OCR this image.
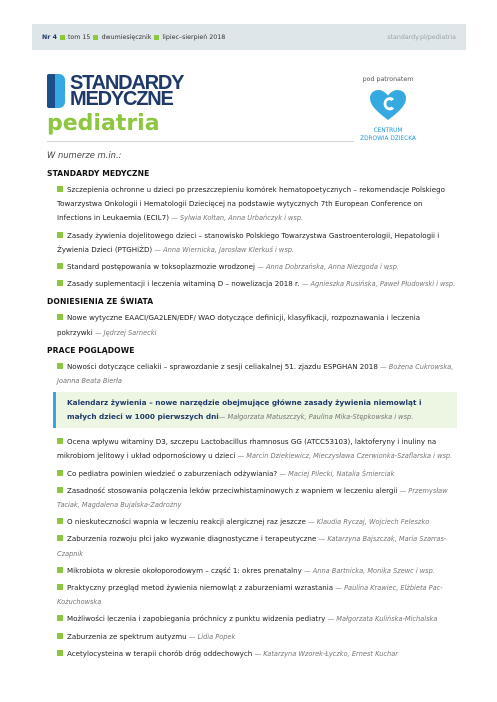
Nr 4 tom 15 dwumiesięcznik lipiec–sierpień 2018	standardy.pl/pediatria
STANDARDY
MEDYCZNE
pediatria
pod patronatem
CENTRUM
ZDROWIA DZIECKA
W numerze m.in.:
STANDARDY MEDYCZNE
Szczepienia ochronne u dzieci po przeszczepieniu komórek hematopoetycznych – rekomendacje Polskiego Towarzystwa Onkologii i Hematologii Dziecięcej na podstawie wytycznych 7th European Conference on Infections in Leukaemia (ECIL7) — Sylwia Kołtan, Anna Urbańczyk i wsp.
Zasady żywienia dojelitowego dzieci – stanowisko Polskiego Towarzystwa Gastroenterologii, Hepatologii i Żywienia Dzieci (PTGHiŻD) — Anna Wiernicka, Jarosław Klerkuś i wsp.
Standard postępowania w toksoplazmozie wrodzonej — Anna Dobrzańska, Anna Niezgoda i wsp.
Zasady suplementacji i leczenia witaminą D – nowelizacja 2018 r. — Agnieszka Rusińska, Paweł Płudowski i wsp.
DONIESIENIA ZE ŚWIATA
Nowe wytyczne EAACI/GA2LEN/EDF/ WAO dotyczące definicji, klasyfikacji, rozpoznawania i leczenia pokrzywki — Jędrzej Sarnecki
PRACE POGLĄDOWE
Nowości dotyczące celiakii – sprawozdanie z sesji celiakalnej 51. zjazdu ESPGHAN 2018 — Bożena Cukrowska, Joanna Beata Bierła
Kalendarz żywienia – nowe narzędzie obejmujące główne zasady żywienia niemowląt i małych dzieci w 1000 pierwszych dni— Małgorzata Matuszczyk, Paulina Mika-Stępkowska i wsp.
Ocena wpływu witaminy D3, szczepu Lactobacillus rhamnosus GG (ATCC53103), laktoferyny i inuliny na mikrobiom jelitowy i układ odpornościowy u dzieci — Marcin Dziekiewicz, Mieczysława Czerwionka-Szaflarska i wsp.
Co pediatra powinien wiedzieć o zaburzeniach odżywiania? — Maciej Pilecki, Natalia Śmierciak
Zasadność stosowania połączenia leków przeciwhistaminowych z wapniem w leczeniu alergii — Przemysław Taciak, Magdalena Bujalska-Zadrożny
O nieskuteczności wapnia w leczeniu reakcji alergicznej raz jeszcze — Klaudia Ryczaj, Wojciech Feleszko
Zaburzenia rozwoju płci jako wyzwanie diagnostyczne i terapeutyczne — Katarzyna Bajszczak, Maria Szarras-Czapnik
Mikrobiota w okresie okołoporodowym – część 1: okres prenatalny — Anna Bartnicka, Monika Szewc i wsp.
Praktyczny przegląd metod żywienia niemowląt z zaburzeniami wzrastania — Paulina Krawiec, Elżbieta Pac-Kożuchowska
Możliwości leczenia i zapobiegania próchnicy z punktu widzenia pediatry — Małgorzata Kulińska-Michalska
Zaburzenia ze spektrum autyzmu — Lidia Popek
Acetylocysteina w terapii chorób dróg oddechowych — Katarzyna Wzorek-Łyczko, Ernest Kuchar
